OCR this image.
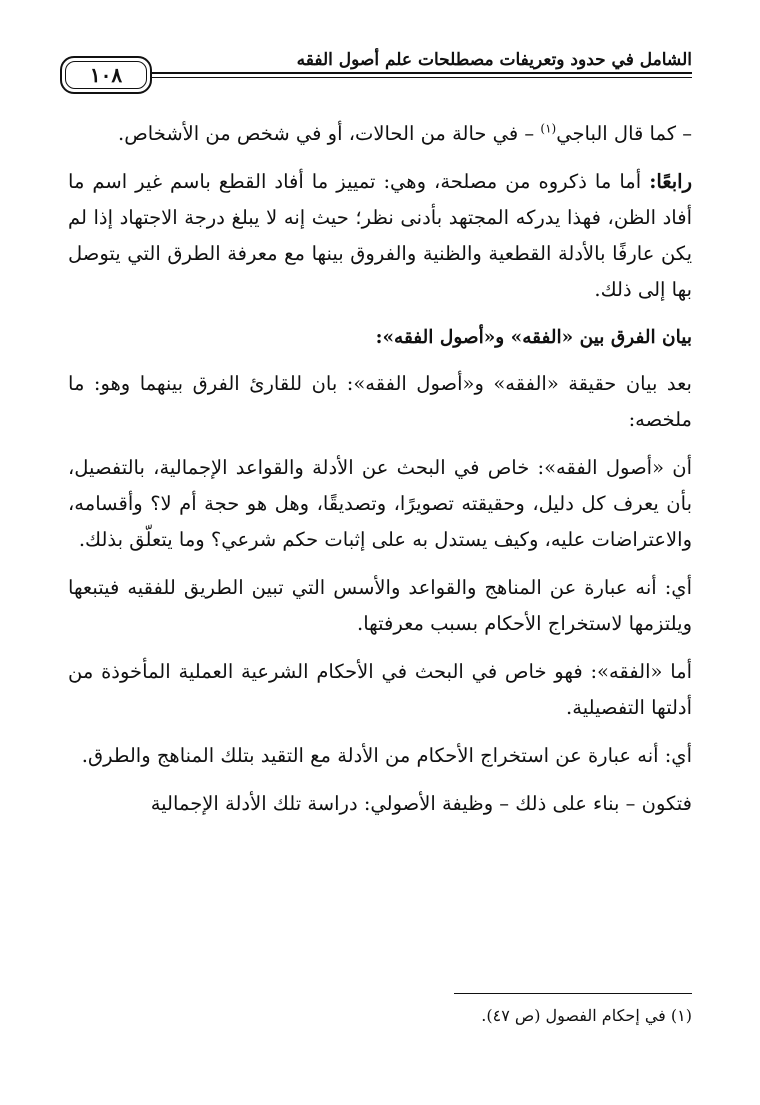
الشامل في حدود وتعريفات مصطلحات علم أصول الفقه
١٠٨

– كما قال الباجي$^{(١)}$ – في حالة من الحالات، أو في شخص من الأشخاص.

رابعًا: أما ما ذكروه من مصلحة، وهي: تمييز ما أفاد القطع باسم غير اسم ما أفاد الظن، فهذا يدركه المجتهد بأدنى نظر؛ حيث إنه لا يبلغ درجة الاجتهاد إذا لم يكن عارفًا بالأدلة القطعية والظنية والفروق بينها مع معرفة الطرق التي يتوصل بها إلى ذلك.

بيان الفرق بين «الفقه» و«أصول الفقه»:

بعد بيان حقيقة «الفقه» و«أصول الفقه»: بان للقارئ الفرق بينهما وهو: ما ملخصه:

أن «أصول الفقه»: خاص في البحث عن الأدلة والقواعد الإجمالية، بالتفصيل، بأن يعرف كل دليل، وحقيقته تصويرًا، وتصديقًا، وهل هو حجة أم لا؟ وأقسامه، والاعتراضات عليه، وكيف يستدل به على إثبات حكم شرعي؟ وما يتعلّق بذلك.

أي: أنه عبارة عن المناهج والقواعد والأسس التي تبين الطريق للفقيه فيتبعها ويلتزمها لاستخراج الأحكام بسبب معرفتها.

أما «الفقه»: فهو خاص في البحث في الأحكام الشرعية العملية المأخوذة من أدلتها التفصيلية.

أي: أنه عبارة عن استخراج الأحكام من الأدلة مع التقيد بتلك المناهج والطرق.

فتكون – بناء على ذلك – وظيفة الأصولي: دراسة تلك الأدلة الإجمالية

(١) في إحكام الفصول (ص ٤٧).
